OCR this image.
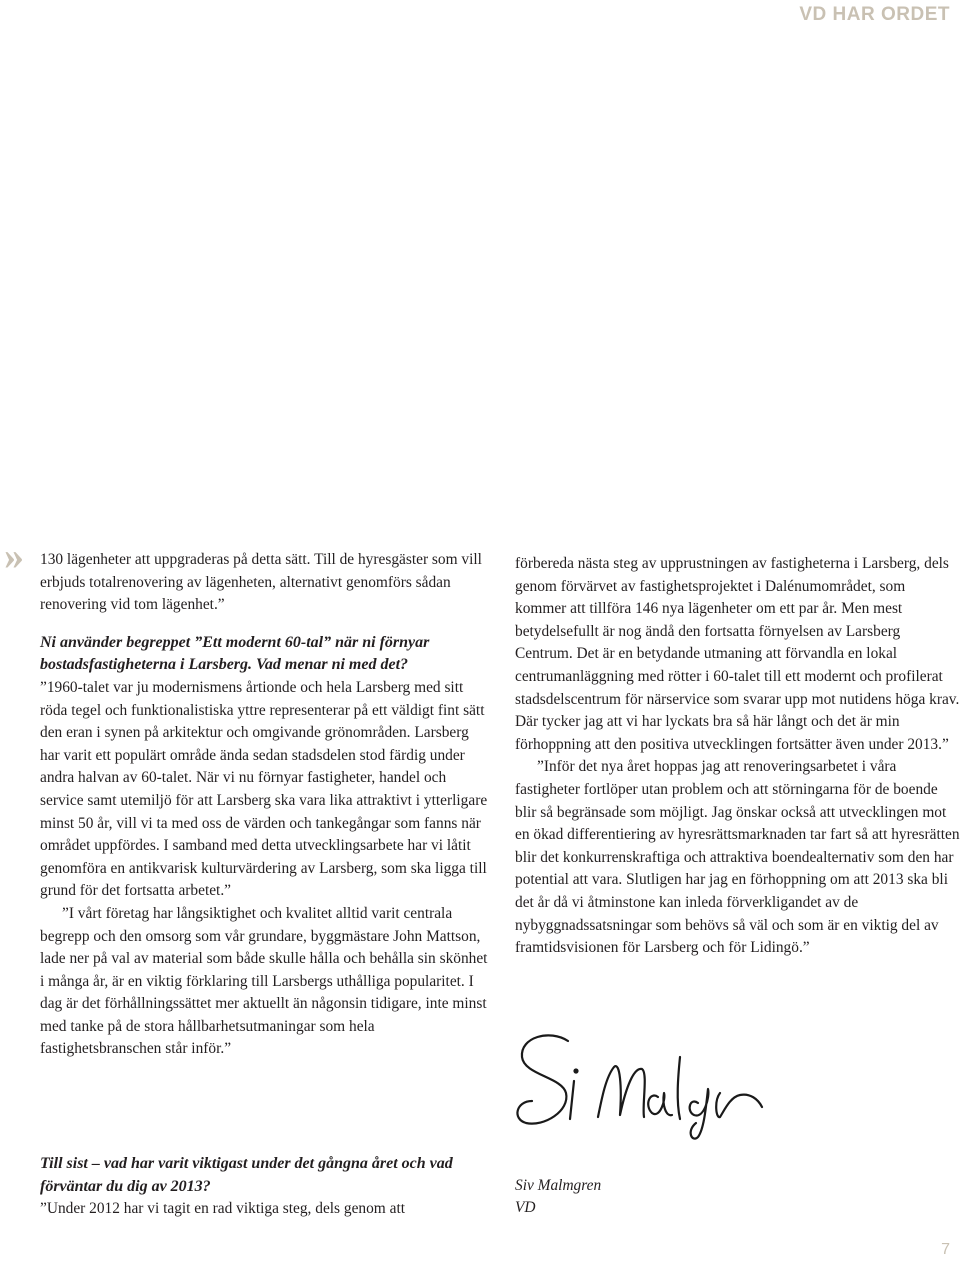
VD HAR ORDET
» 130 lägenheter att uppgraderas på detta sätt. Till de hyresgäster som vill erbjuds totalrenovering av lägenheten, alternativt genomförs sådan renovering vid tom lägenhet.”

Ni använder begreppet ”Ett modernt 60-tal” när ni förnyar bostadsfastigheterna i Larsberg. Vad menar ni med det?

”1960-talet var ju modernismens årtionde och hela Larsberg med sitt röda tegel och funktionalistiska yttre representerar på ett väldigt fint sätt den eran i synen på arkitektur och omgivande grönområden. Larsberg har varit ett populärt område ända sedan stadsdelen stod färdig under andra halvan av 60-talet. När vi nu förnyar fastigheter, handel och service samt utemiljö för att Larsberg ska vara lika attraktivt i ytterligare minst 50 år, vill vi ta med oss de värden och tankegångar som fanns när området uppfördes. I samband med detta utvecklingsarbete har vi låtit genomföra en antikvarisk kulturvärdering av Larsberg, som ska ligga till grund för det fortsatta arbetet.”

”I vårt företag har långsiktighet och kvalitet alltid varit centrala begrepp och den omsorg som vår grundare, byggmästare John Mattson, lade ner på val av material som både skulle hålla och behålla sin skönhet i många år, är en viktig förklaring till Larsbergs uthålliga popularitet. I dag är det förhållningssättet mer aktuellt än någonsin tidigare, inte minst med tanke på de stora hållbarhetsutmaningar som hela fastighetsbranschen står inför.”

Till sist – vad har varit viktigast under det gångna året och vad förväntar du dig av 2013?

”Under 2012 har vi tagit en rad viktiga steg, dels genom att

förbereda nästa steg av upprustningen av fastigheterna i Larsberg, dels genom förvärvet av fastighetsprojektet i Dalénumområdet, som kommer att tillföra 146 nya lägenheter om ett par år. Men mest betydelsefullt är nog ändå den fortsatta förnyelsen av Larsberg Centrum. Det är en betydande utmaning att förvandla en lokal centrumanläggning med rötter i 60-talet till ett modernt och profilerat stadsdelscentrum för närservice som svarar upp mot nutidens höga krav. Där tycker jag att vi har lyckats bra så här långt och det är min förhoppning att den positiva utvecklingen fortsätter även under 2013.”

”Inför det nya året hoppas jag att renoveringsarbetet i våra fastigheter fortlöper utan problem och att störningarna för de boende blir så begränsade som möjligt. Jag önskar också att utvecklingen mot en ökad differentiering av hyresrättsmarknaden tar fart så att hyresrätten blir det konkurrenskraftiga och attraktiva boendealternativ som den har potential att vara. Slutligen har jag en förhoppning om att 2013 ska bli det år då vi åtminstone kan inleda förverkligandet av de nybyggnadssatsningar som behövs så väl och som är en viktig del av framtidsvisionen för Larsberg och för Lidingö.”

Siv Malmgren
VD
7
